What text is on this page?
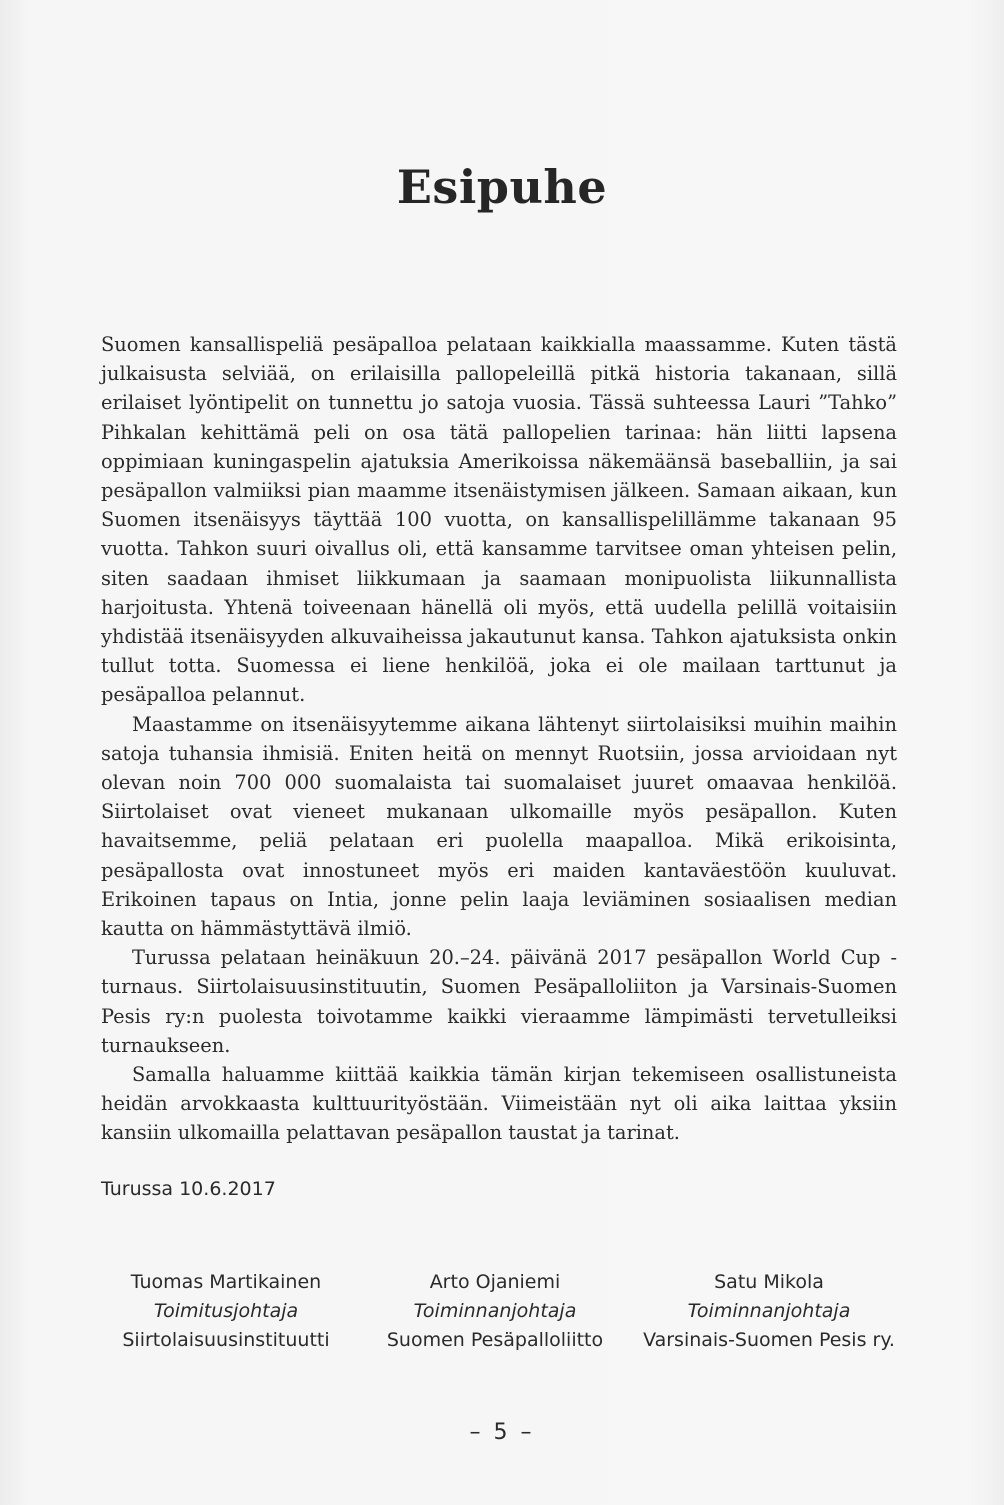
Esipuhe

Suomen kansallispeliä pesäpalloa pelataan kaikkialla maassamme. Kuten tästä julkaisusta selviää, on erilaisilla pallopeleillä pitkä historia takanaan, sillä erilaiset lyöntipelit on tunnettu jo satoja vuosia. Tässä suhteessa Lauri ”Tahko” Pihkalan kehittämä peli on osa tätä pallopelien tarinaa: hän liitti lapsena oppimiaan kuningaspelin ajatuksia Amerikoissa näkemäänsä baseballiin, ja sai pesäpallon valmiiksi pian maamme itsenäistymisen jälkeen. Samaan aikaan, kun Suomen itsenäisyys täyttää 100 vuotta, on kansallispelillämme takanaan 95 vuotta. Tahkon suuri oivallus oli, että kansamme tarvitsee oman yhteisen pelin, siten saadaan ihmiset liikkumaan ja saamaan monipuolista liikunnallista harjoitusta. Yhtenä toiveenaan hänellä oli myös, että uudella pelillä voitaisiin yhdistää itsenäisyyden alkuvaiheissa jakautunut kansa. Tahkon ajatuksista onkin tullut totta. Suomessa ei liene henkilöä, joka ei ole mailaan tarttunut ja pesäpalloa pelannut.

Maastamme on itsenäisyytemme aikana lähtenyt siirtolaisiksi muihin maihin satoja tuhansia ihmisiä. Eniten heitä on mennyt Ruotsiin, jossa arvioidaan nyt olevan noin 700 000 suomalaista tai suomalaiset juuret omaavaa henkilöä. Siirtolaiset ovat vieneet mukanaan ulkomaille myös pesäpallon. Kuten havaitsemme, peliä pelataan eri puolella maapalloa. Mikä erikoisinta, pesäpallosta ovat innostuneet myös eri maiden kantaväestöön kuuluvat. Erikoinen tapaus on Intia, jonne pelin laaja leviäminen sosiaalisen median kautta on hämmästyttävä ilmiö.

Turussa pelataan heinäkuun 20.–24. päivänä 2017 pesäpallon World Cup -turnaus. Siirtolaisuusinstituutin, Suomen Pesäpalloliiton ja Varsinais-Suomen Pesis ry:n puolesta toivotamme kaikki vieraamme lämpimästi tervetulleiksi turnaukseen.

Samalla haluamme kiittää kaikkia tämän kirjan tekemiseen osallistuneista heidän arvokkaasta kulttuurityöstään. Viimeistään nyt oli aika laittaa yksiin kansiin ulkomailla pelattavan pesäpallon taustat ja tarinat.

Turussa 10.6.2017
Tuomas Martikainen
Toimitusjohtaja
Siirtolaisuusinstituutti
Arto Ojaniemi
Toiminnanjohtaja
Suomen Pesäpalloliitto
Satu Mikola
Toiminnanjohtaja
Varsinais-Suomen Pesis ry.
– 5 –
